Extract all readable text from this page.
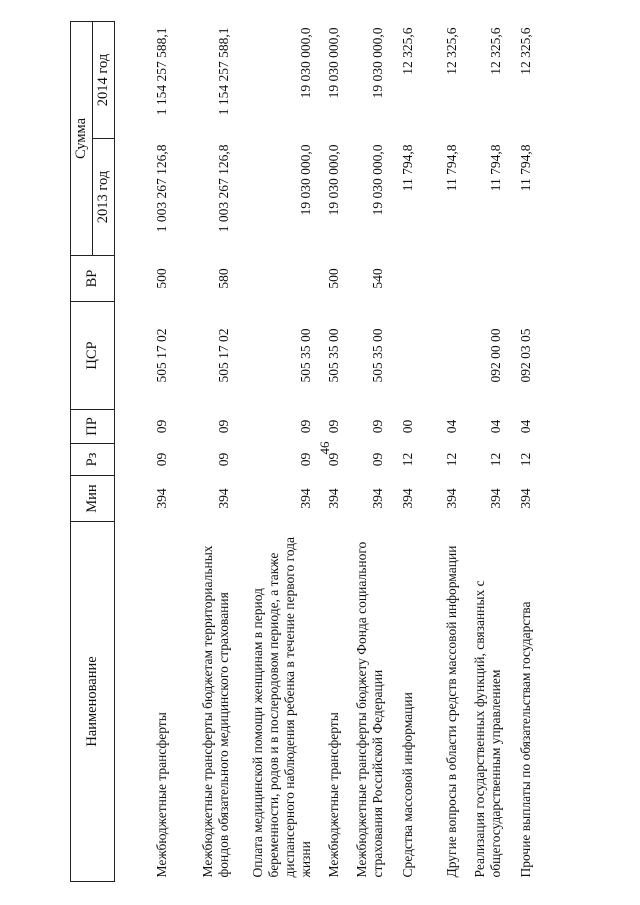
46
Наименование	Мин	Рз	ПР	ЦСР	ВР	Сумма	
						2013 год	2014 год
Межбюджетные трансферты	394	09	09	505 17 02	500	1 003 267 126,8	1 154 257 588,1
Межбюджетные трансферты бюджетам территориальных фондов обязательного медицинского страхования	394	09	09	505 17 02	580	1 003 267 126,8	1 154 257 588,1
Оплата медицинской помощи женщинам в период беременности, родов и в послеродовом периоде, а также диспансерного наблюдения ребенка в течение первого года жизни	394	09	09	505 35 00		19 030 000,0	19 030 000,0
Межбюджетные трансферты	394	09	09	505 35 00	500	19 030 000,0	19 030 000,0
Межбюджетные трансферты бюджету Фонда социального страхования Российской Федерации	394	09	09	505 35 00	540	19 030 000,0	19 030 000,0
Средства массовой информации	394	12	00			11 794,8	12 325,6
Другие вопросы в области средств массовой информации	394	12	04			11 794,8	12 325,6
Реализация государственных функций, связанных с общегосударственным управлением	394	12	04	092 00 00		11 794,8	12 325,6
Прочие выплаты по обязательствам государства	394	12	04	092 03 05		11 794,8	12 325,6
